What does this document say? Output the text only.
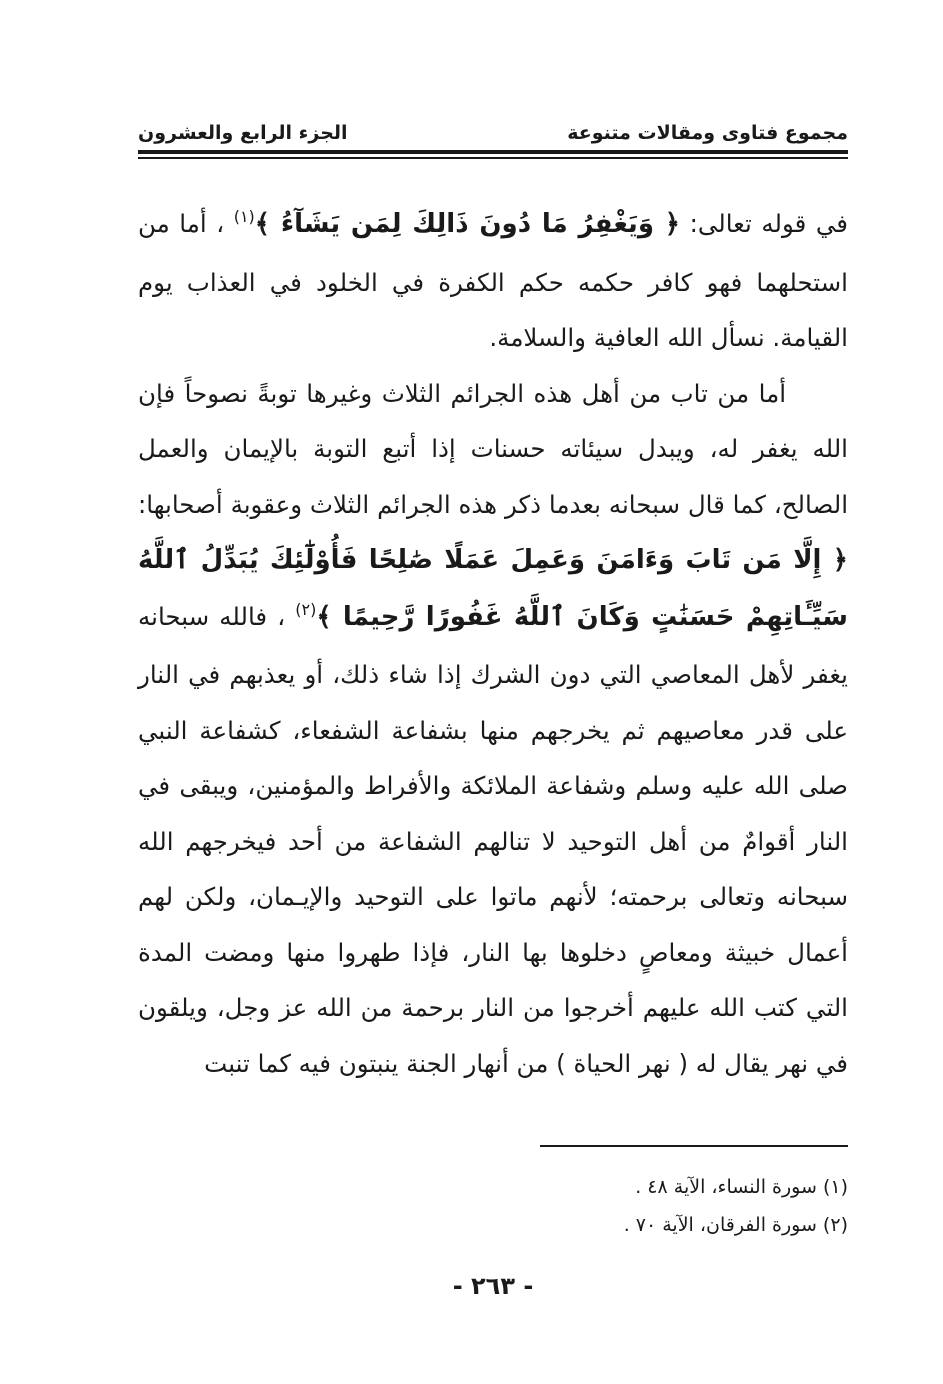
مجموع فتاوى ومقالات متنوعة
الجزء الرابع والعشرون

في قوله تعالى: ﴿ وَيَغْفِرُ مَا دُونَ ذَالِكَ لِمَن يَشَآءُ ﴾$^{(١)}$ ، أما من استحلهما فهو كافر حكمه حكم الكفرة في الخلود في العذاب يوم القيامة. نسأل الله العافية والسلامة.

أما من تاب من أهل هذه الجرائم الثلاث وغيرها توبةً نصوحاً فإن الله يغفر له، ويبدل سيئاته حسنات إذا أتبع التوبة بالإيمان والعمل الصالح، كما قال سبحانه بعدما ذكر هذه الجرائم الثلاث وعقوبة أصحابها: ﴿ إِلَّا مَن تَابَ وَءَامَنَ وَعَمِلَ عَمَلًا صَٰلِحًا فَأُوْلَٰٓئِكَ يُبَدِّلُ ٱللَّهُ سَيِّـَٔاتِهِمْ حَسَنَٰتٍ وَكَانَ ٱللَّهُ غَفُورًا رَّحِيمًا ﴾$^{(٢)}$ ، فالله سبحانه يغفر لأهل المعاصي التي دون الشرك إذا شاء ذلك، أو يعذبهم في النار على قدر معاصيهم ثم يخرجهم منها بشفاعة الشفعاء، كشفاعة النبي صلى الله عليه وسلم وشفاعة الملائكة والأفراط والمؤمنين، ويبقى في النار أقوامٌ من أهل التوحيد لا تنالهم الشفاعة من أحد فيخرجهم الله سبحانه وتعالى برحمته؛ لأنهم ماتوا على التوحيد والإيـمان، ولكن لهم أعمال خبيثة ومعاصٍ دخلوها بها النار، فإذا طهروا منها ومضت المدة التي كتب الله عليهم أخرجوا من النار برحمة من الله عز وجل، ويلقون في نهر يقال له ( نهر الحياة ) من أنهار الجنة ينبتون فيه كما تنبت

(١) سورة النساء، الآية ٤٨ .
(٢) سورة الفرقان، الآية ٧٠ .
- ٢٦٣ -
